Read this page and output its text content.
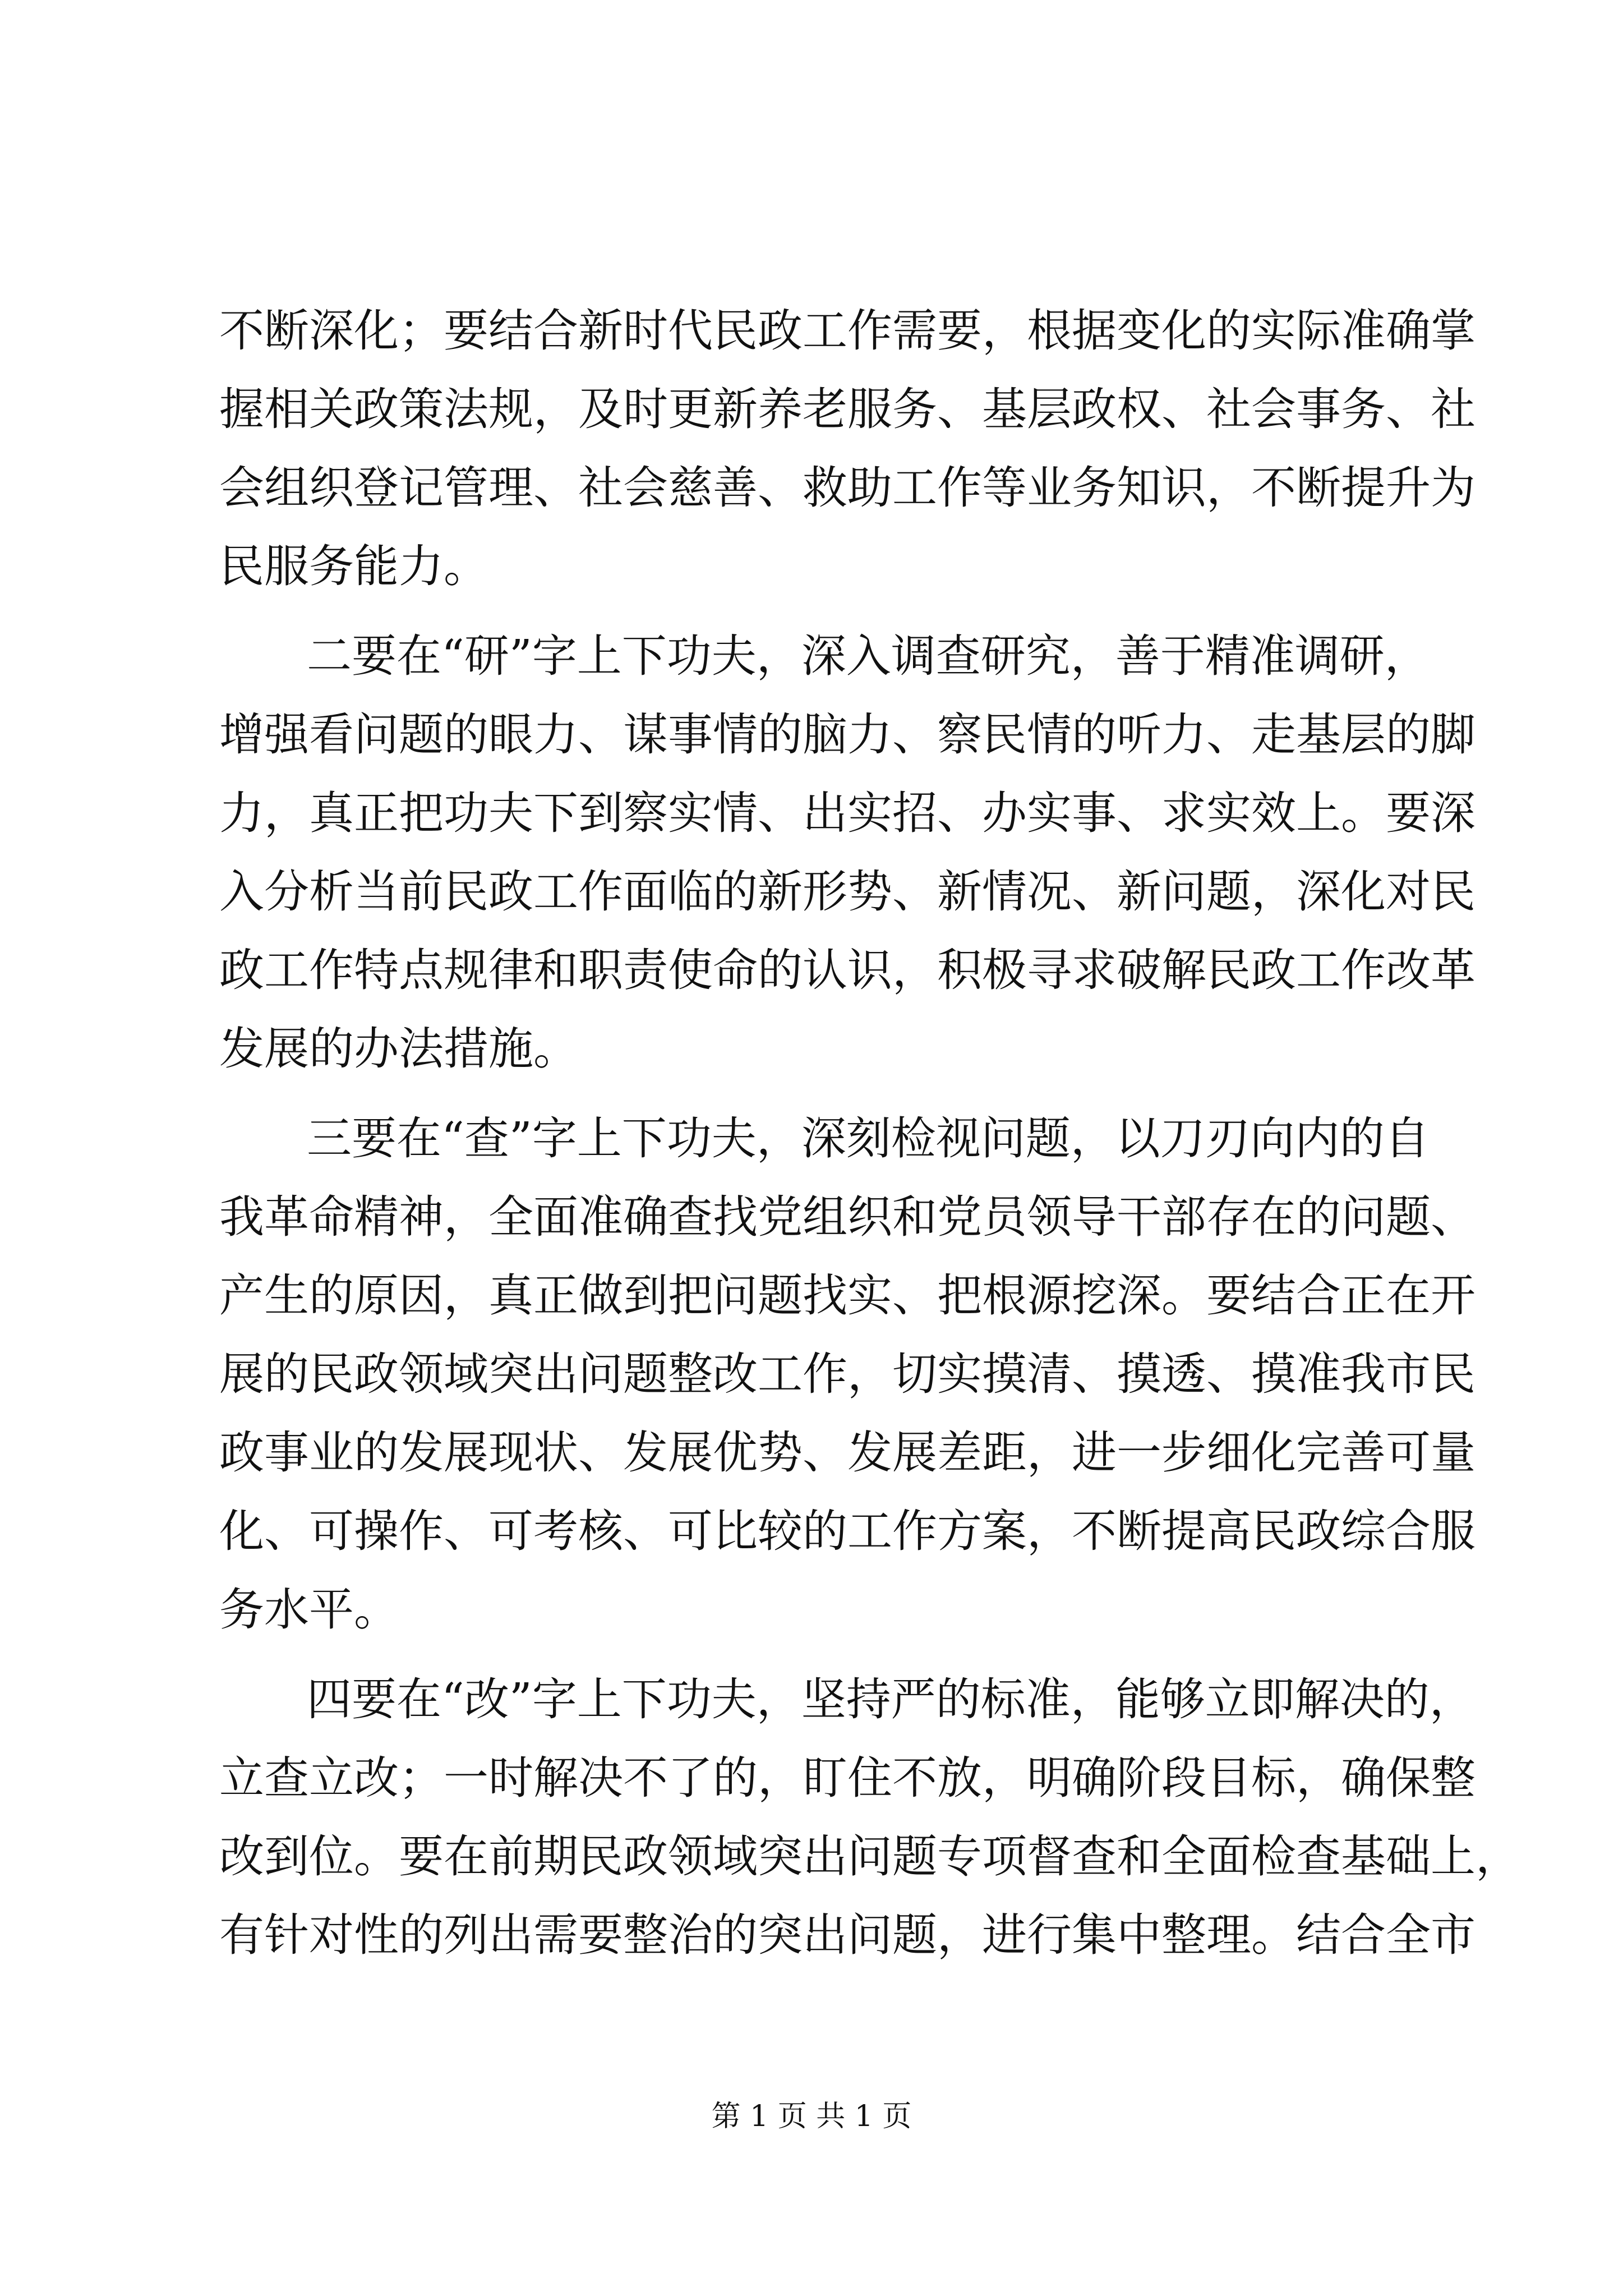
不断深化；要结合新时代民政工作需要，根据变化的实际准确掌
握相关政策法规，及时更新养老服务、基层政权、社会事务、社
会组织登记管理、社会慈善、救助工作等业务知识，不断提升为
民服务能力。
二要在“研”字上下功夫，深入调查研究，善于精准调研，
增强看问题的眼力、谋事情的脑力、察民情的听力、走基层的脚
力，真正把功夫下到察实情、出实招、办实事、求实效上。要深
入分析当前民政工作面临的新形势、新情况、新问题，深化对民
政工作特点规律和职责使命的认识，积极寻求破解民政工作改革
发展的办法措施。
三要在“查”字上下功夫，深刻检视问题，以刀刃向内的自
我革命精神，全面准确查找党组织和党员领导干部存在的问题、
产生的原因，真正做到把问题找实、把根源挖深。要结合正在开
展的民政领域突出问题整改工作，切实摸清、摸透、摸准我市民
政事业的发展现状、发展优势、发展差距，进一步细化完善可量
化、可操作、可考核、可比较的工作方案，不断提高民政综合服
务水平。
四要在“改”字上下功夫，坚持严的标准，能够立即解决的，
立查立改；一时解决不了的，盯住不放，明确阶段目标，确保整
改到位。要在前期民政领域突出问题专项督查和全面检查基础上，
有针对性的列出需要整治的突出问题，进行集中整理。结合全市
第 1 页 共 1 页
